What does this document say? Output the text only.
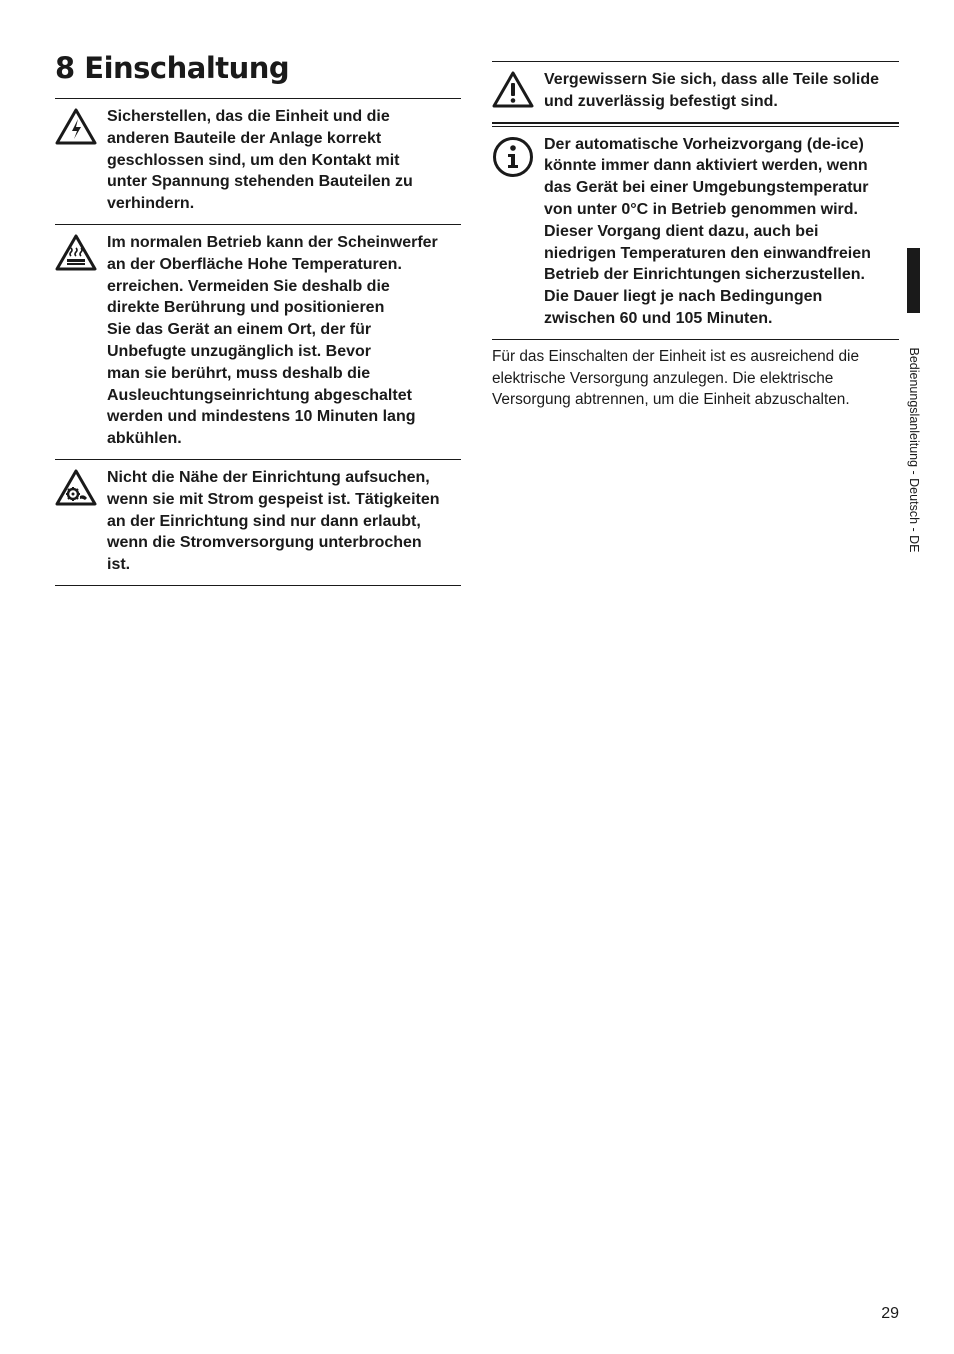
8 Einschaltung

Sicherstellen, das die Einheit und die
anderen Bauteile der Anlage korrekt
geschlossen sind, um den Kontakt mit
unter Spannung stehenden Bauteilen zu
verhindern.

Im normalen Betrieb kann der Scheinwerfer
an der Oberfläche Hohe Temperaturen.
erreichen. Vermeiden Sie deshalb die
direkte Berührung und positionieren
Sie das Gerät an einem Ort, der für
Unbefugte unzugänglich ist. Bevor
man sie berührt, muss deshalb die
Ausleuchtungseinrichtung abgeschaltet
werden und mindestens 10 Minuten lang
abkühlen.

Nicht die Nähe der Einrichtung aufsuchen,
wenn sie mit Strom gespeist ist. Tätigkeiten
an der Einrichtung sind nur dann erlaubt,
wenn die Stromversorgung unterbrochen
ist.

Vergewissern Sie sich, dass alle Teile solide
und zuverlässig befestigt sind.

Der automatische Vorheizvorgang (de-ice)
könnte immer dann aktiviert werden, wenn
das Gerät bei einer Umgebungstemperatur
von unter 0°C in Betrieb genommen wird.
Dieser Vorgang dient dazu, auch bei
niedrigen Temperaturen den einwandfreien
Betrieb der Einrichtungen sicherzustellen.
Die Dauer liegt je nach Bedingungen
zwischen 60 und 105 Minuten.

Für das Einschalten der Einheit ist es ausreichend die
elektrische Versorgung anzulegen. Die elektrische
Versorgung abtrennen, um die Einheit abzuschalten.	Bedienungslanleitung - Deutsch - DE
29
